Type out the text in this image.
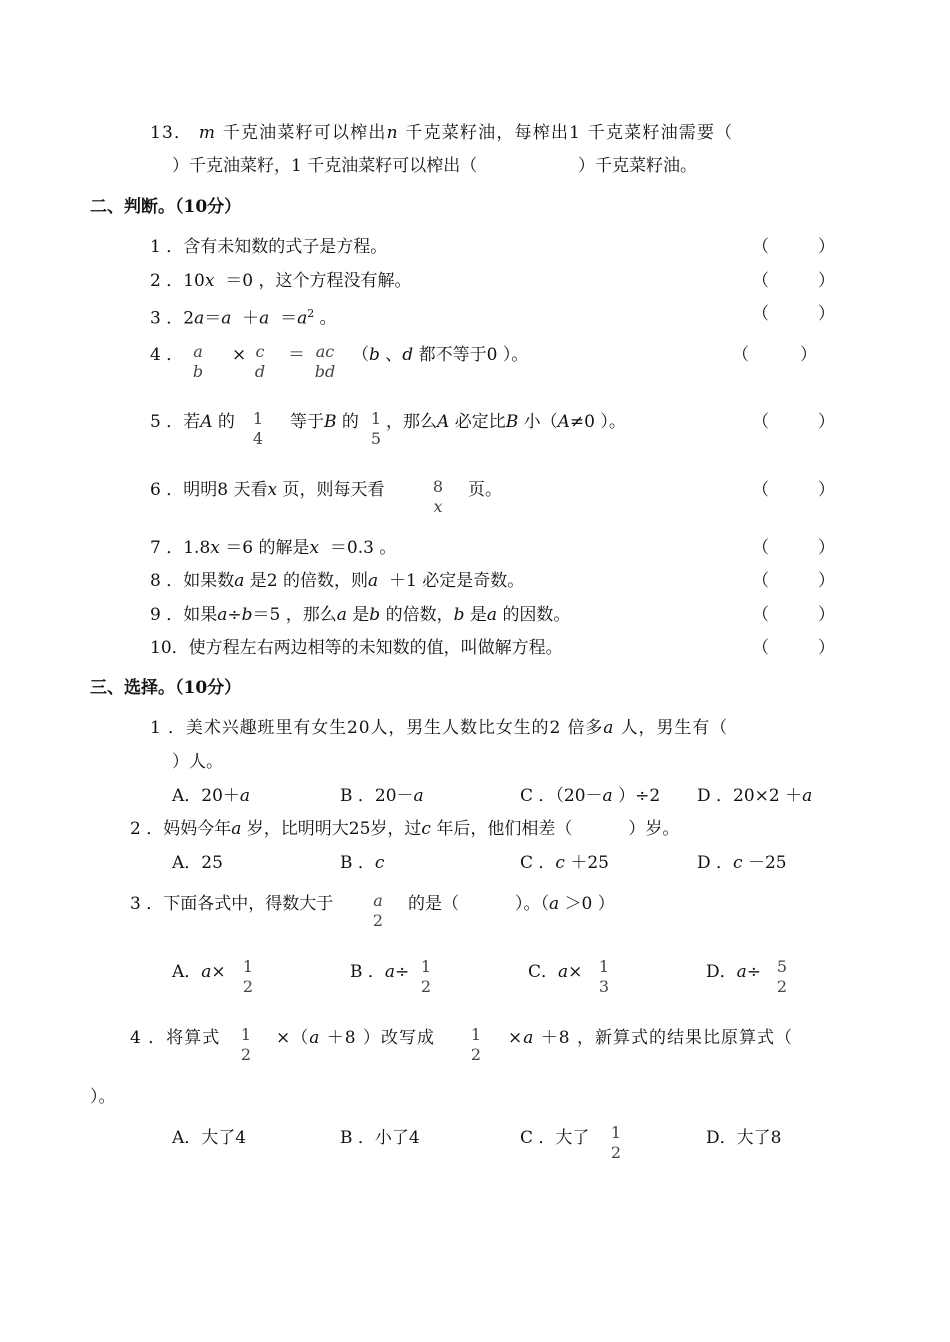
13． m 千克油菜籽可以榨出n 千克菜籽油，每榨出1 千克菜籽油需要（
）千克油菜籽，1 千克油菜籽可以榨出（	）千克菜籽油。
二、判断。（10分）
1 ．含有未知数的式子是方程。
2 ．10x ＝0 ，这个方程没有解。
3 ．$2a=a +a =a^2$ 。
4 ． a
b
× c
d
＝ ac
bd
（b 、d 都不等于0 ）。
5 ．若A 的	1
4
等于B 的 1
5
，那么A 必定比B 小（A≠0 ）。
6 ．明明8 天看x 页，则每天看	8
x
页。
7 ．1.8x ＝6 的解是x ＝0.3 。
8 ．如果数a 是2 的倍数，则a ＋1 必定是奇数。
9 ．如果a÷b＝5 ，那么a 是b 的倍数，b 是a 的因数。
10．使方程左右两边相等的未知数的值，叫做解方程。
（	）
（	）
（	）
（	）
（	）
（	）
（	）
（	）
（	）
（	）
三、选择。（10分）
1 ．美术兴趣班里有女生20人，男生人数比女生的2 倍多a 人，男生有（
）人。
A．20＋a	B ．20－a	C ．（20－a ）÷2 D ．20×2 ＋a
2 ．妈妈今年a 岁，比明明大25岁，过c 年后，他们相差（	）岁。
A．25	B ．c	C ．c ＋25	D ．c －25
3 ．下面各式中，得数大于	a
2
的是（	）。（a ＞0 ）
A．a×	1
2
B ．a÷ 1
2
C．a×	1
3
D．a÷ 5
2
4 ．将算式	1
2
×（a ＋8 ）改写成	1
2
×a ＋8 ，新算式的结果比原算式（
）。
A．大了4	B ．小了4	C ．大了	1
2
D．大了8
